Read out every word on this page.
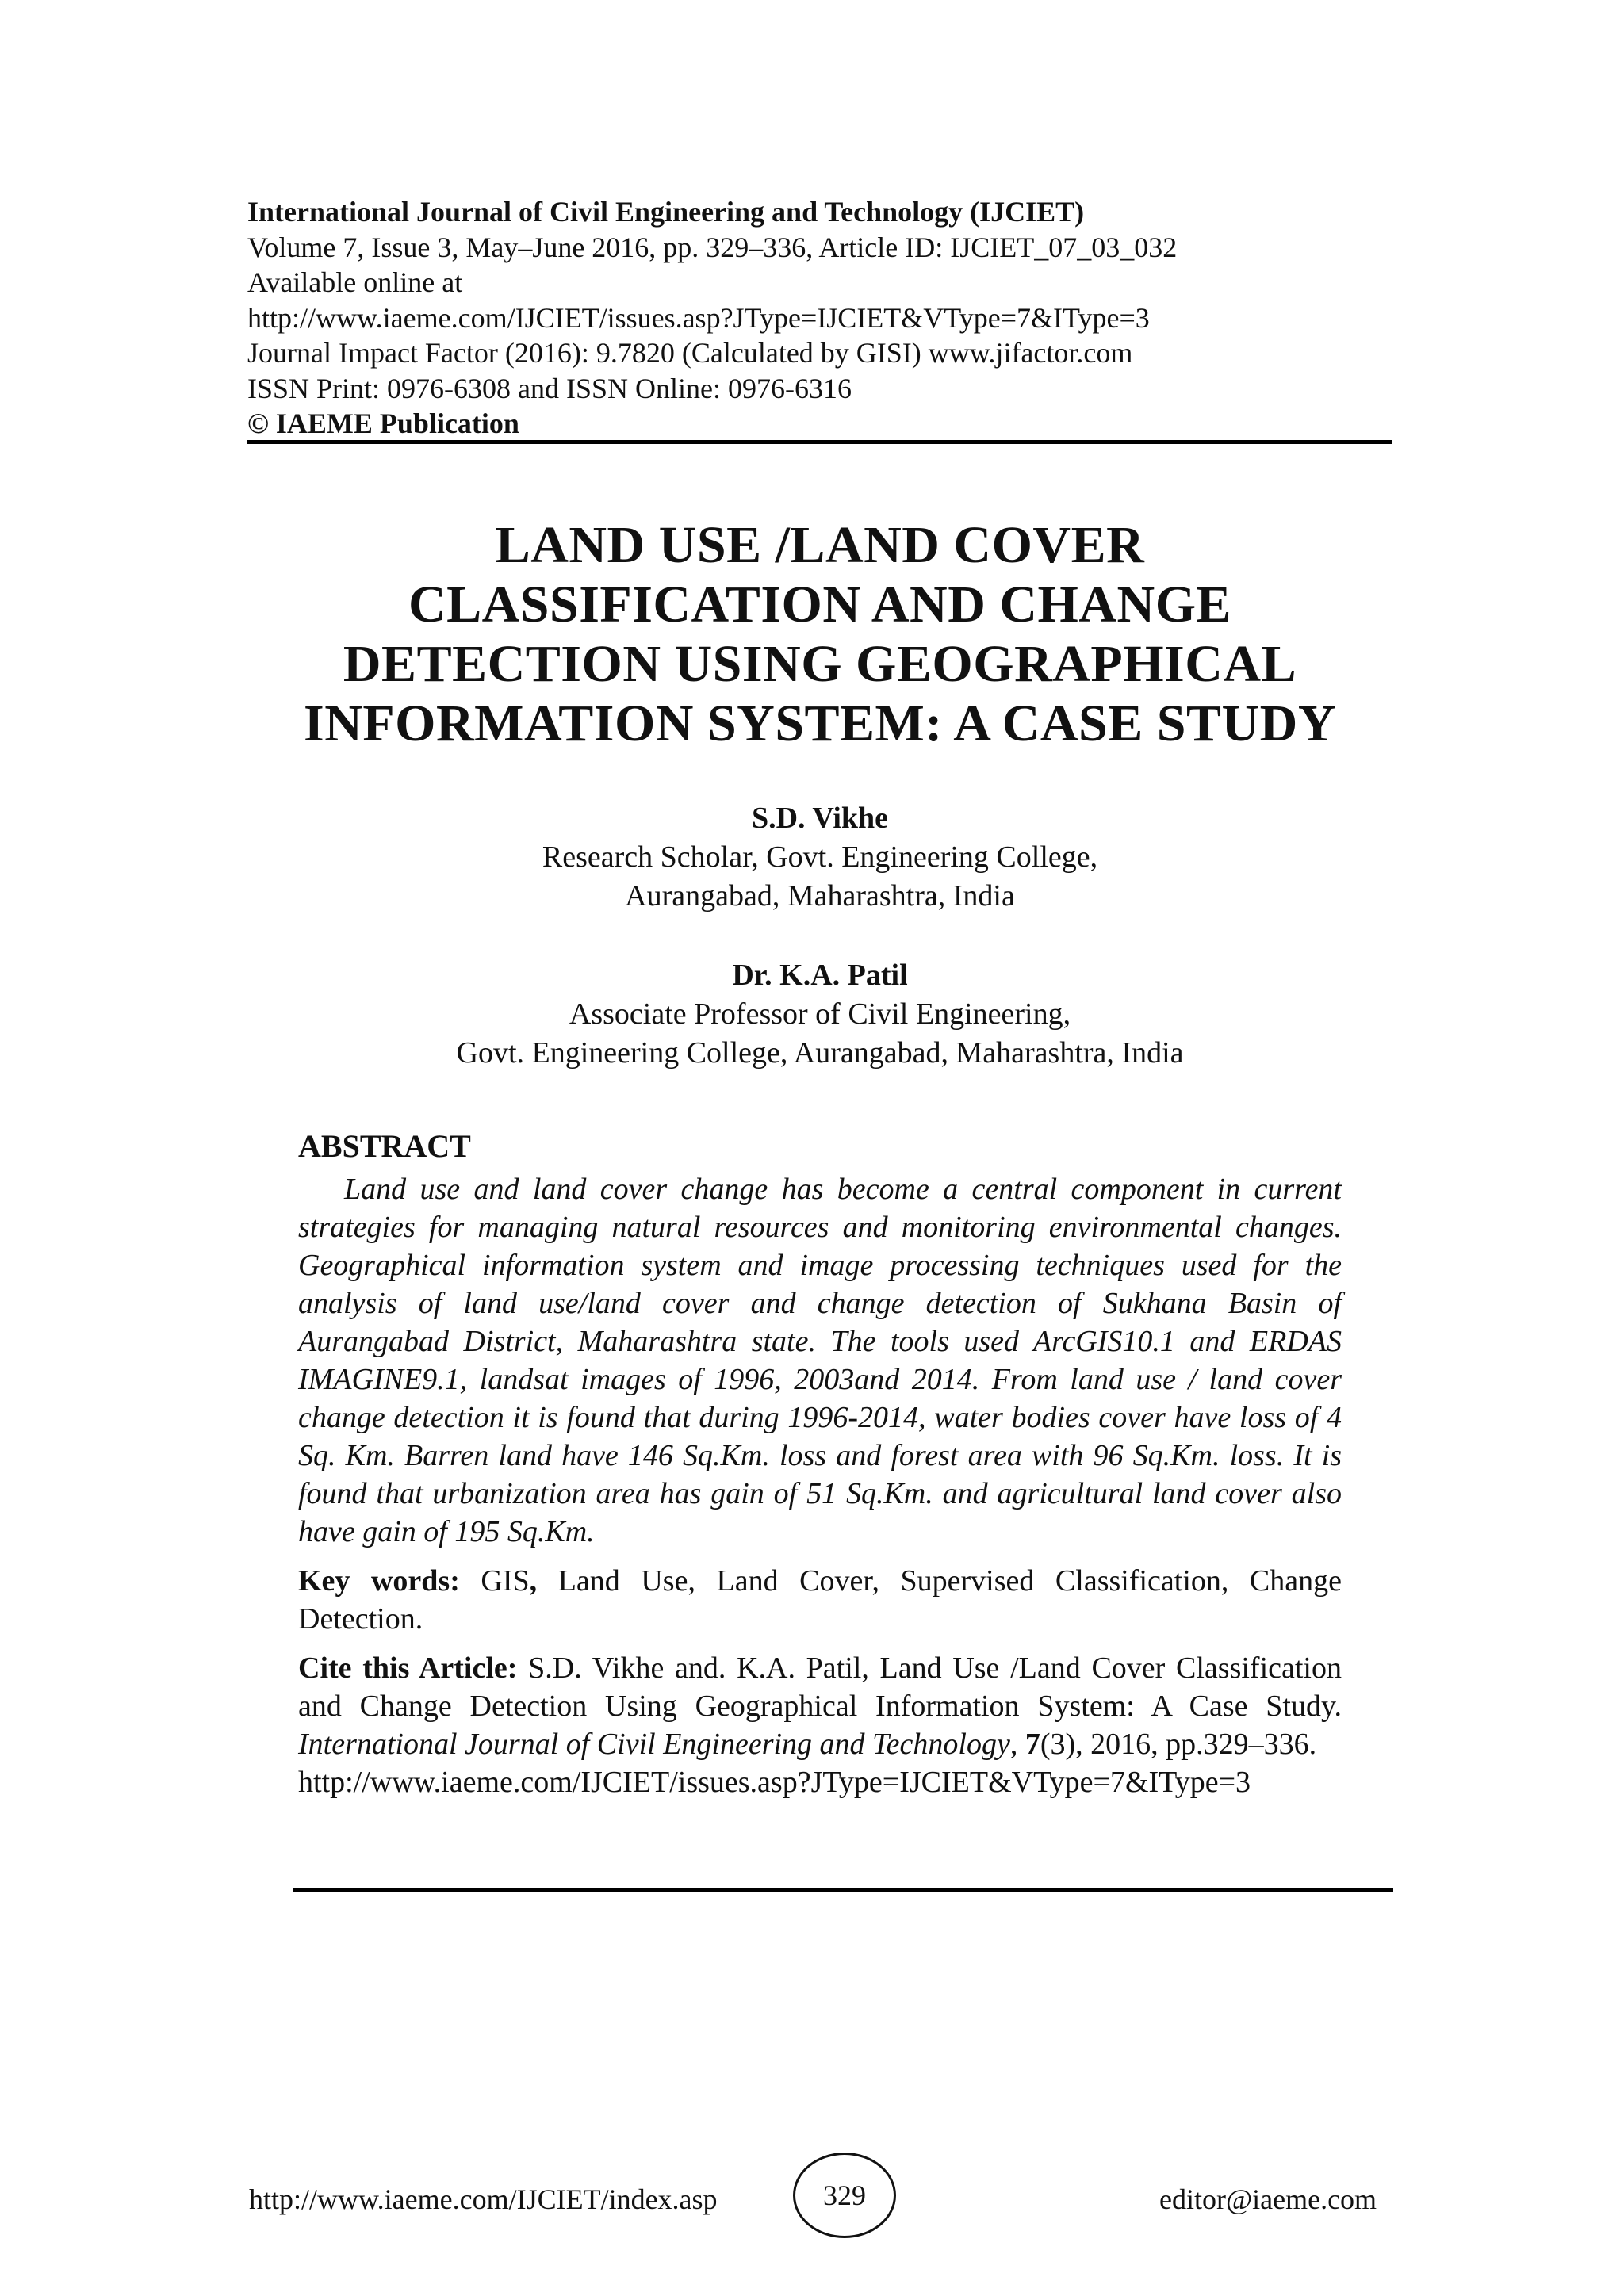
International Journal of Civil Engineering and Technology (IJCIET)
Volume 7, Issue 3, May–June 2016, pp. 329–336, Article ID: IJCIET_07_03_032
Available online at
http://www.iaeme.com/IJCIET/issues.asp?JType=IJCIET&VType=7&IType=3
Journal Impact Factor (2016): 9.7820 (Calculated by GISI) www.jifactor.com
ISSN Print: 0976-6308 and ISSN Online: 0976-6316
© IAEME Publication
LAND USE /LAND COVER
CLASSIFICATION AND CHANGE
DETECTION USING GEOGRAPHICAL
INFORMATION SYSTEM: A CASE STUDY
S.D. Vikhe
Research Scholar, Govt. Engineering College,
Aurangabad, Maharashtra, India
Dr. K.A. Patil
Associate Professor of Civil Engineering,
Govt. Engineering College, Aurangabad, Maharashtra, India
ABSTRACT
Land use and land cover change has become a central component in current strategies for managing natural resources and monitoring environmental changes. Geographical information system and image processing techniques used for the analysis of land use/land cover and change detection of Sukhana Basin of Aurangabad District, Maharashtra state. The tools used ArcGIS10.1 and ERDAS IMAGINE9.1, landsat images of 1996, 2003and 2014. From land use / land cover change detection it is found that during 1996-2014, water bodies cover have loss of 4 Sq. Km. Barren land have 146 Sq.Km. loss and forest area with 96 Sq.Km. loss. It is found that urbanization area has gain of 51 Sq.Km. and agricultural land cover also have gain of 195 Sq.Km.
Key words: GIS, Land Use, Land Cover, Supervised Classification, Change Detection.
Cite this Article: S.D. Vikhe and. K.A. Patil, Land Use /Land Cover Classification and Change Detection Using Geographical Information System: A Case Study. International Journal of Civil Engineering and Technology, 7(3), 2016, pp.329–336.
http://www.iaeme.com/IJCIET/issues.asp?JType=IJCIET&VType=7&IType=3
http://www.iaeme.com/IJCIET/index.asp	329	editor@iaeme.com
